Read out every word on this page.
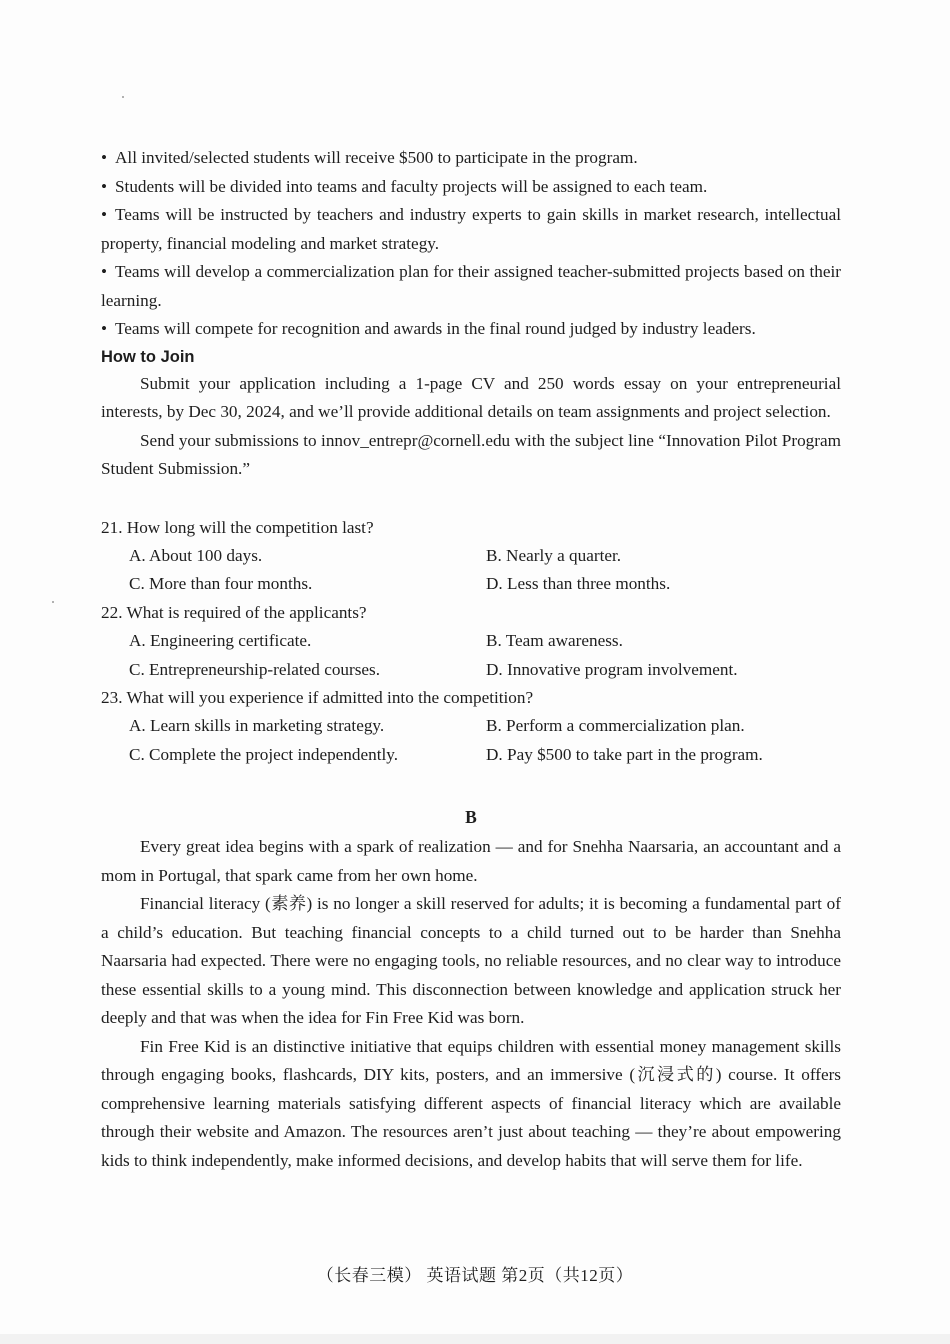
• All invited/selected students will receive $500 to participate in the program.

• Students will be divided into teams and faculty projects will be assigned to each team.

• Teams will be instructed by teachers and industry experts to gain skills in market research, intellectual property, financial modeling and market strategy.

• Teams will develop a commercialization plan for their assigned teacher-submitted projects based on their learning.

• Teams will compete for recognition and awards in the final round judged by industry leaders.

How to Join

Submit your application including a 1-page CV and 250 words essay on your entrepreneurial interests, by Dec 30, 2024, and we’ll provide additional details on team assignments and project selection.

Send your submissions to innov_entrepr@cornell.edu with the subject line “Innovation Pilot Program Student Submission.”

21. How long will the competition last?

A. About 100 days.	B. Nearly a quarter.
C. More than four months.	D. Less than three months.

22. What is required of the applicants?

A. Engineering certificate.	B. Team awareness.
C. Entrepreneurship-related courses.	D. Innovative program involvement.

23. What will you experience if admitted into the competition?

A. Learn skills in marketing strategy.	B. Perform a commercialization plan.
C. Complete the project independently.	D. Pay $500 to take part in the program.

B

Every great idea begins with a spark of realization — and for Snehha Naarsaria, an accountant and a mom in Portugal, that spark came from her own home.

Financial literacy (素养) is no longer a skill reserved for adults; it is becoming a fundamental part of a child’s education. But teaching financial concepts to a child turned out to be harder than Snehha Naarsaria had expected. There were no engaging tools, no reliable resources, and no clear way to introduce these essential skills to a young mind. This disconnection between knowledge and application struck her deeply and that was when the idea for Fin Free Kid was born.

Fin Free Kid is an distinctive initiative that equips children with essential money management skills through engaging books, flashcards, DIY kits, posters, and an immersive (沉浸式的) course. It offers comprehensive learning materials satisfying different aspects of financial literacy which are available through their website and Amazon. The resources aren’t just about teaching — they’re about empowering kids to think independently, make informed decisions, and develop habits that will serve them for life.

（长春三模） 英语试题 第2页（共12页）
